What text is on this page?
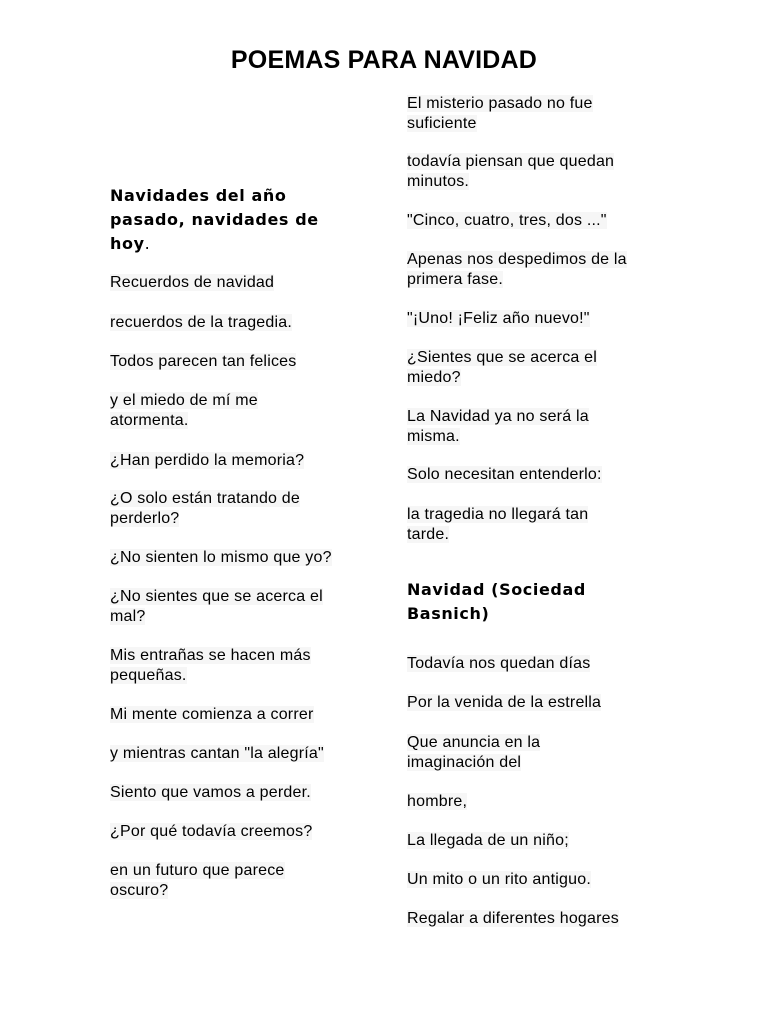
POEMAS PARA NAVIDAD

Navidades del año pasado, navidades de hoy.

Recuerdos de navidad

recuerdos de la tragedia.

Todos parecen tan felices

y el miedo de mí me atormenta.

¿Han perdido la memoria?

¿O solo están tratando de perderlo?

¿No sienten lo mismo que yo?

¿No sientes que se acerca el mal?

Mis entrañas se hacen más pequeñas.

Mi mente comienza a correr

y mientras cantan "la alegría"

Siento que vamos a perder.

¿Por qué todavía creemos?

en un futuro que parece oscuro?

El misterio pasado no fue suficiente

todavía piensan que quedan minutos.

"Cinco, cuatro, tres, dos ..."

Apenas nos despedimos de la primera fase.

"¡Uno! ¡Feliz año nuevo!"

¿Sientes que se acerca el miedo?

La Navidad ya no será la misma.

Solo necesitan entenderlo:

la tragedia no llegará tan tarde.

Navidad (Sociedad Basnich)

Todavía nos quedan días

Por la venida de la estrella

Que anuncia en la imaginación del

hombre,

La llegada de un niño;

Un mito o un rito antiguo.

Regalar a diferentes hogares
